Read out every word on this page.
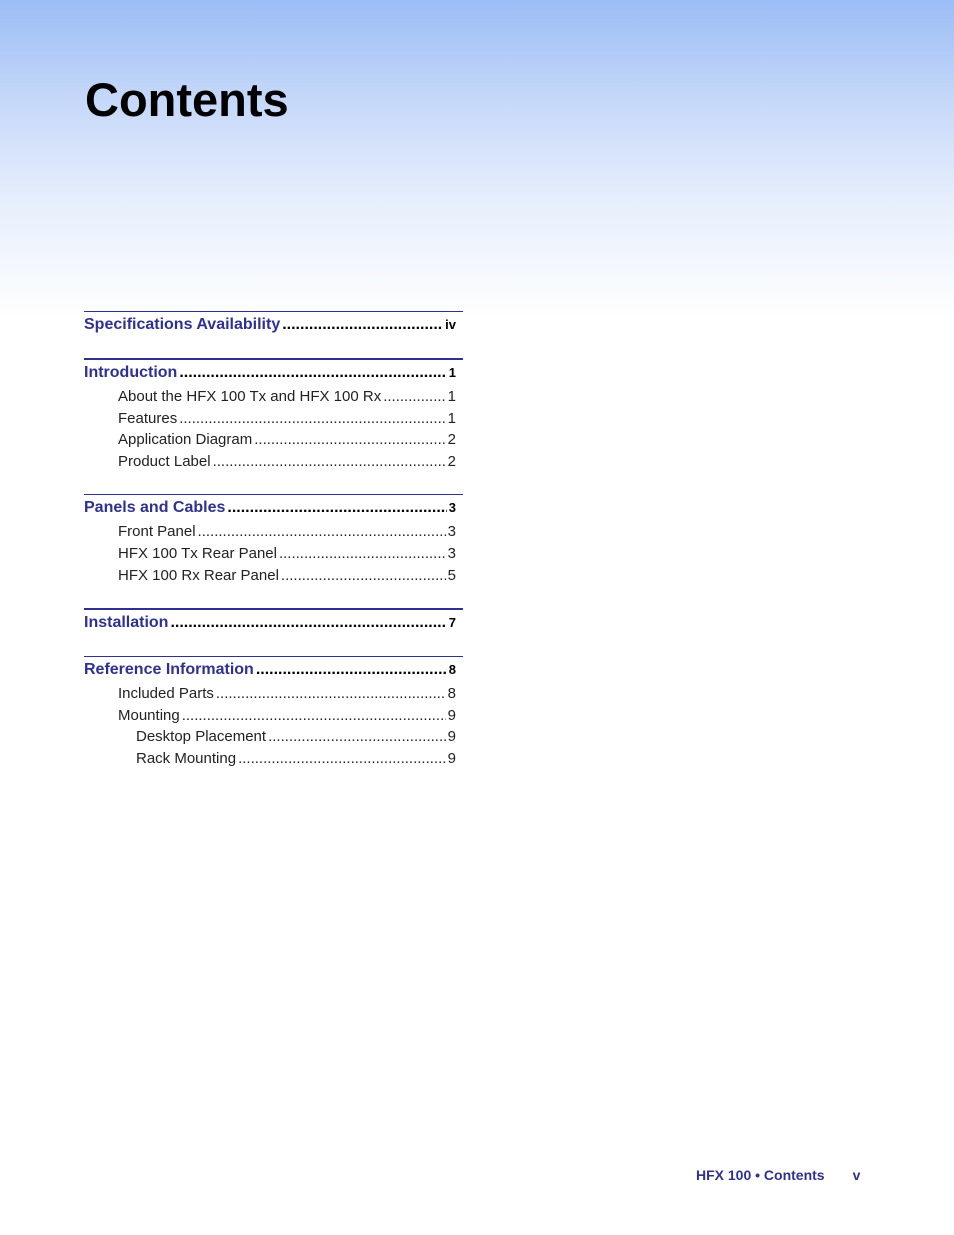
Contents
Specifications Availability .....	iv
Introduction .....	1
About the HFX 100 Tx and HFX 100 Rx .....	1
Features .....	1
Application Diagram .....	2
Product Label .....	2
Panels and Cables .....	3
Front Panel .....	3
HFX 100 Tx Rear Panel .....	3
HFX 100 Rx Rear Panel .....	5
Installation .....	7
Reference Information .....	8
Included Parts .....	8
Mounting .....	9
Desktop Placement .....	9
Rack Mounting .....	9
HFX 100 • Contents v
